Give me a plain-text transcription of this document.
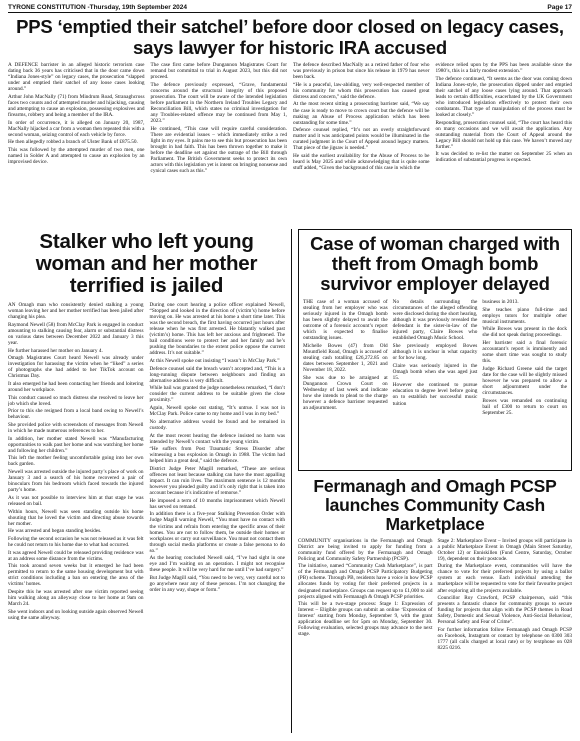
TYRONE CONSTITUTION -Thursday, 19th September 2024	Page 17
PPS ‘emptied their satchel’ before door closed on legacy cases, says lawyer for historic IRA accused

A DEFENCE barrister in an alleged historic terrorism case dating back 36 years has criticised that in the door came down “Indiana Jones-style” on legacy cases, the prosecution “slapped under and emptied their satchel of any loose cases looking around.”

Arthur John MacNally (71) from Mindrum Road, Stranaghcross faces two counts and of attempted murder and hijacking, causing and attempting to cause an explosion, possessing explosives and firearms, robbery and being a member of the IRA.

In order of occurrence, it is alleged on January 20, 1987, MacNally hijacked a car from a woman then repeated this with a second woman, seizing control of each vehicle by force.

He then allegedly robbed a branch of Ulster Bank of £875.50.

This was followed by the attempted murder of two men, one named in Solder A and attempted to cause an explosion by an improvised device.

The case first came before Dungannon Magistrates Court for remand but committal to trial in August 2023, but this did not proceed.

The defence previously expressed, “Grave, fundamental concerns around the structural integrity of this proposed prosecution. The court will be aware of the intended legislation before parliament in the Northern Ireland Troubles Legacy and Reconciliation Bill, which states no criminal investigation for any Troubles-related offence may be continued from May 1, 2023.”

He continued, “This case will require careful consideration. There are evidential issues – which immediately strike a red light in my eyes. It pains me to see this but prosecution has been brought in bad faith. This has been thrown together to make it before the deadline set against the outrage of the Bill through Parliament. The British Government seeks to protect its own actors with this legislation yet is intent on bringing nonsense and cynical cases such as this.”

The defence described MacNally as a retired father of four who was previously in prison but since his release in 1979 has never been back.

“He is a peaceful, law-abiding, very well-respected member of his community for whom this prosecution has caused great distress and concern,” said the defence.

At the most recent sitting a prosecuting barrister said, “We say the case is ready to move to crown court but the defence will be making an Abuse of Process application which has been outstanding for some time.”

Defence counsel replied, “It’s not an overly straightforward matter and it was anticipated points would be illuminated in the curated judgment in the Court of Appeal around legacy matters. That piece of the jigsaw is needed.”

He said the earliest availability for the Abuse of Process to be heard is May 2025 and while acknowledging that is quite some stuff added, “Given the background of this case in which the

evidence relied upon by the PPS has been available since the 1980’s, this is a fairly modest extension.”

The defence continued, “It seems as the door was coming down Indiana Jones-style, the prosecution dipped under and emptied their satchel of any loose cases lying around. That approach leads to certain difficulties, exacerbated by the UK Government who introduced legislation effectively to protect their own combatants. That type of manipulation of the process must be looked at closely.”

Responding, prosecution counsel said, “The court has heard this on many occasions and we will await the application. Any outstanding material from the Court of Appeal around the Legacy Bill should not hold up this case. We haven’t moved any further.”

It was decided to re-list the matter on September 25 when an indication of substantial progress is expected.

Stalker who left young woman and her mother terrified is jailed

AN Omagh man who consistently denied stalking a young woman leaving her and her mother terrified has been jailed after changing his plea.

Raymond Newell (58) from McClay Park is engaged in conduct amounting to stalking causing fear, alarm or substantial distress on various dates between December 2022 and January 3 this year.

He further harassed her mother on January 4.

Omagh Magistrates Court heard Newell was already under investigation for harassing the victim when he “liked” a series of photographs she had added to her TikTok account on Christmas Day.

It also emerged he had been contacting her friends and loitering around her workplace.

This conduct caused so much distress she resolved to leave her job which she loved.

Prior to this she resigned from a local band owing to Newell’s behaviour.

She provided police with screenshots of messages from Newell in which he made numerous references to her.

In addition, her mother stated Newell was “Manufacturing opportunities to walk past her home and was watching her home and following her children.”

This left the mother feeling uncomfortable going into her own back garden.

Newell was arrested outside the injured party’s place of work on January 3 and a search of his home recovered a pair of binoculars from his bedroom which faced towards the injured party’s home.

As it was not possible to interview him at that stage he was released on bail.

Within hours, Newell was seen standing outside his home shouting that he loved the victim and directing abuse towards her mother.

He was arrested and began standing besides.

Following the second occasion he was not released as it was felt he could not return to his home due to what had occurred.

It was agreed Newell could be released providing residence was at an address some distance from the victims.

This took around seven weeks but it emerged he had been permitted to return to the same housing development but with strict conditions including a ban on entering the area of the victims’ homes.

Despite this he was arrested after one victim reported seeing him walking along an alleyway close to her home at 9am on March 24.

She went indoors and on looking outside again observed Newell using the same alleyway.

During one court hearing a police officer explained Newell, “Stopped and looked in the direction of (victim’s) home before moving on. He was arrested at his home a short time later. This was the second breach, the first having occurred just hours after release when he was first arrested. He blatantly walked past (victim’s) home. This has left her anxious and frightened. The bail conditions were to protect her and her family and he’s pushing the boundaries to the extent police oppose the current address. It’s not suitable.”

At this Newell spoke out insisting “I wasn’t in McClay Park.”

Defence counsel said the breach wasn’t accepted and, “This is a long-running dispute between neighbours and finding an alternative address is very difficult.

While bail was granted the judge nonetheless remarked, “I don’t consider the current address to be suitable given the close proximity.”

Again, Newell spoke out stating, “It’s untrue. I was not in McClay Park. Police came to my home and I was in my bed.”

No alternative address would be found and he remained in custody.

At the most recent hearing the defence insisted no harm was intended by Newell’s contact with the young victim.

“He suffers from Post Traumatic Stress Disorder after witnessing a bus explosion in Omagh in 1988. The victim had helped him a great deal,” said the defence.

District Judge Peter Magill remarked, “These are serious offences not least because stalking can have the most appalling impact. It can ruin lives. The maximum sentence is 12 months however you pleaded guilty and it’s only right that is taken into account because it’s indicative of remorse.”

He imposed a term of 10 months imprisonment which Newell has served on remand.

In addition there is a five-year Stalking Prevention Order with Judge Magill warning Newell, “You must have no contact with the victims and refrain from entering the specific areas of their homes. You are not to follow them, be outside their homes or workplaces or carry out surveillance. You must not contact them through social media platforms or create a false persona to do so.”

As the hearing concluded Newell said, “I’ve had sight in one eye and I’m waiting on an operation. I might not recognise these people. It will be very hard for me until I’ve had surgery.”

But Judge Magill said, “You need to be very, very careful not to go anywhere near any of these persons. I’m not changing the order in any way, shape or form.”

Case of woman charged with theft from Omagh bomb survivor employer delayed

THE case of a woman accused of stealing from her employer who was seriously injured in the Omagh bomb has been slightly delayed to await the outcome of a forensic account’s report which is expected to finalise outstanding issues.

Michelle Bowes (47) from Old Mountfield Road, Omagh is accused of stealing cash totalling £26,272.85 on dates between September 1, 2021 and November 18, 2022.

She was due to be arraigned at Dungannon Crown Court on Wednesday of last week and indicate how she intends to plead to the charge however a defence barrister requested an adjournment.

No details surrounding the circumstances of the alleged offending were disclosed during the short hearing, although it was previously revealed the defendant is the sister-in-law of the injured party, Claire Bowes who established Omagh Music School.

She previously employed Bowes although it is unclear in what capacity or for how long.

Claire was seriously injured in the Omagh bomb when she was aged just 15.

However she continued to pursue education to degree level before going on to establish her successful music tuition

business in 2013.

She teaches piano full-time and employs tutors for multiple other musical instruments.

While Bowes was present in the dock she did not speak during proceedings.

Her barrister said a final forensic accountant’s report is imminently and some short time was sought to study this.

Judge Richard Greene said the target date for the case will be slightly missed however he was prepared to allow a short adjournment under the circumstances.

Bowes was remanded on continuing bail of £300 to return to court on September 25.

Fermanagh and Omagh PCSP launches Community Cash Marketplace

COMMUNITY organisations in the Fermanagh and Omagh District are being invited to apply for funding from a community fund offered by the Fermanagh and Omagh Policing and Community Safety Partnership (PCSP).

The initiative, named “Community Cash Marketplace”, is part of the Fermanagh and Omagh PCSP Participatory Budgeting (PB) scheme. Through PB, residents have a voice in how PCSP allocates funds by voting for their preferred projects in a designated marketplace. Groups can request up to £1,000 to aid projects aligned with Fermanagh & Omagh PCSP priorities.

This will be a two-stage process: Stage 1: Expression of Interest – Eligible groups can submit an online ‘Expression of Interest’ starting from Monday, September 9, with the grant application deadline set for 5pm on Monday, September 30. Following evaluation, selected groups may advance to the next stage.

Stage 2: Marketplace Event – Invited groups will participate in a public Marketplace Event in Omagh (Main Street Saturday, October 12) or Enniskillen (Fund Centre, Saturday, October 19), dependent on their postcode.

During the Marketplace event, communities will have the chance to vote for their preferred projects by using a ballot system at each venue. Each individual attending the marketplace will be requested to vote for their favourite project after exploring all the projects available.

Councillor Roy Crawford, PCSP chairperson, said “this presents a fantastic chance for community groups to secure funding for projects that align with the PCSP themes in Road Safety, Domestic and Sexual Violence, Anti-Social Behaviour, Personal Safety and Fear of Crime”.

For further information follow Fermanagh and Omagh PCSP on Facebook, Instagram or contact by telephone on 0300 303 1777 (all calls charged at local rate) or by textphone on 028 8225 0216.
